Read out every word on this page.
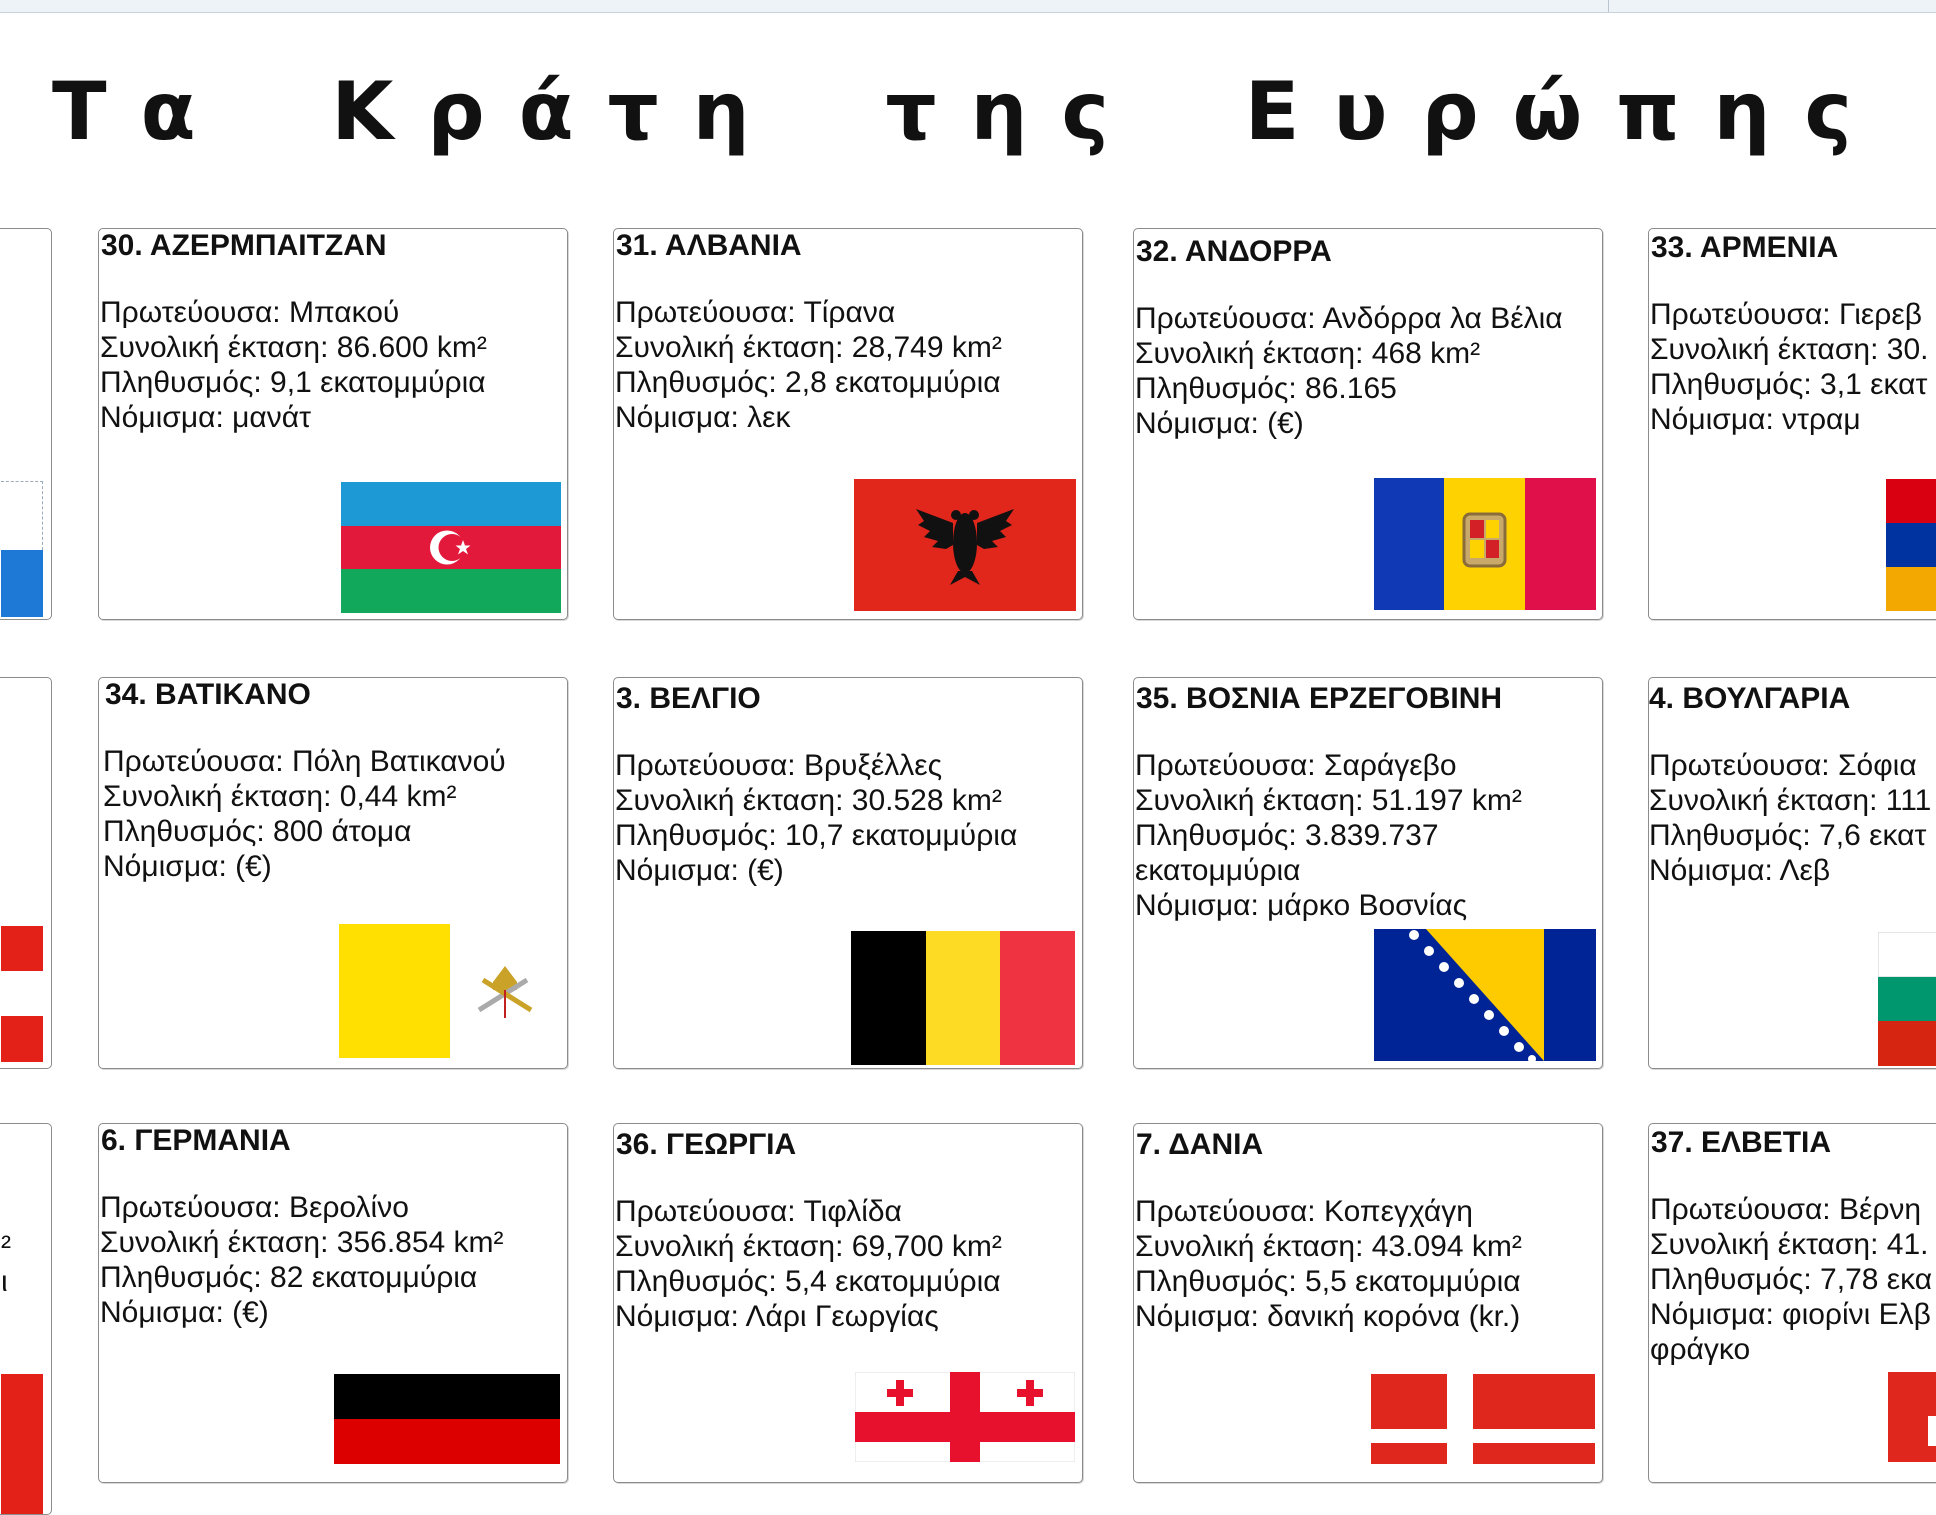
Τα Κράτη της Ευρώπης
²
ι
30. ΑΖΕΡΜΠΑΙΤΖΑΝ
Πρωτεύουσα: Μπακού
Συνολική έκταση: 86.600 km²
Πληθυσμός: 9,1 εκατομμύρια
Νόμισμα: μανάτ
31. ΑΛΒΑΝΙΑ
Πρωτεύουσα: Τίρανα
Συνολική έκταση: 28,749 km²
Πληθυσμός: 2,8 εκατομμύρια
Νόμισμα: λεκ
32. ΑΝΔΟΡΡΑ
Πρωτεύουσα: Ανδόρρα λα Βέλια
Συνολική έκταση: 468 km²
Πληθυσμός: 86.165
Νόμισμα: (€)
33. ΑΡΜΕΝΙΑ
Πρωτεύουσα: Γιερεβ
Συνολική έκταση: 30.
Πληθυσμός: 3,1 εκατ
Νόμισμα: ντραμ
34. ΒΑΤΙΚΑΝΟ
Πρωτεύουσα: Πόλη Βατικανού
Συνολική έκταση: 0,44 km²
Πληθυσμός: 800 άτομα
Νόμισμα: (€)
3. ΒΕΛΓΙΟ
Πρωτεύουσα: Βρυξέλλες
Συνολική έκταση: 30.528 km²
Πληθυσμός: 10,7 εκατομμύρια
Νόμισμα: (€)
35. ΒΟΣΝΙΑ ΕΡΖΕΓΟΒΙΝΗ
Πρωτεύουσα: Σαράγεβο
Συνολική έκταση: 51.197 km²
Πληθυσμός: 3.839.737
εκατομμύρια
Νόμισμα: μάρκο Βοσνίας
4. ΒΟΥΛΓΑΡΙΑ
Πρωτεύουσα: Σόφια
Συνολική έκταση: 111
Πληθυσμός: 7,6 εκατ
Νόμισμα: Λεβ
6. ΓΕΡΜΑΝΙΑ
Πρωτεύουσα: Βερολίνο
Συνολική έκταση: 356.854 km²
Πληθυσμός: 82 εκατομμύρια
Νόμισμα: (€)
36. ΓΕΩΡΓΙΑ
Πρωτεύουσα: Τιφλίδα
Συνολική έκταση: 69,700 km²
Πληθυσμός: 5,4 εκατομμύρια
Νόμισμα: Λάρι Γεωργίας
7. ΔΑΝΙΑ
Πρωτεύουσα: Κοπεγχάγη
Συνολική έκταση: 43.094 km²
Πληθυσμός: 5,5 εκατομμύρια
Νόμισμα: δανική κορόνα (kr.)
37. ΕΛΒΕΤΙΑ
Πρωτεύουσα: Βέρνη
Συνολική έκταση: 41.
Πληθυσμός: 7,78 εκα
Νόμισμα: φιορίνι Ελβ
φράγκο
